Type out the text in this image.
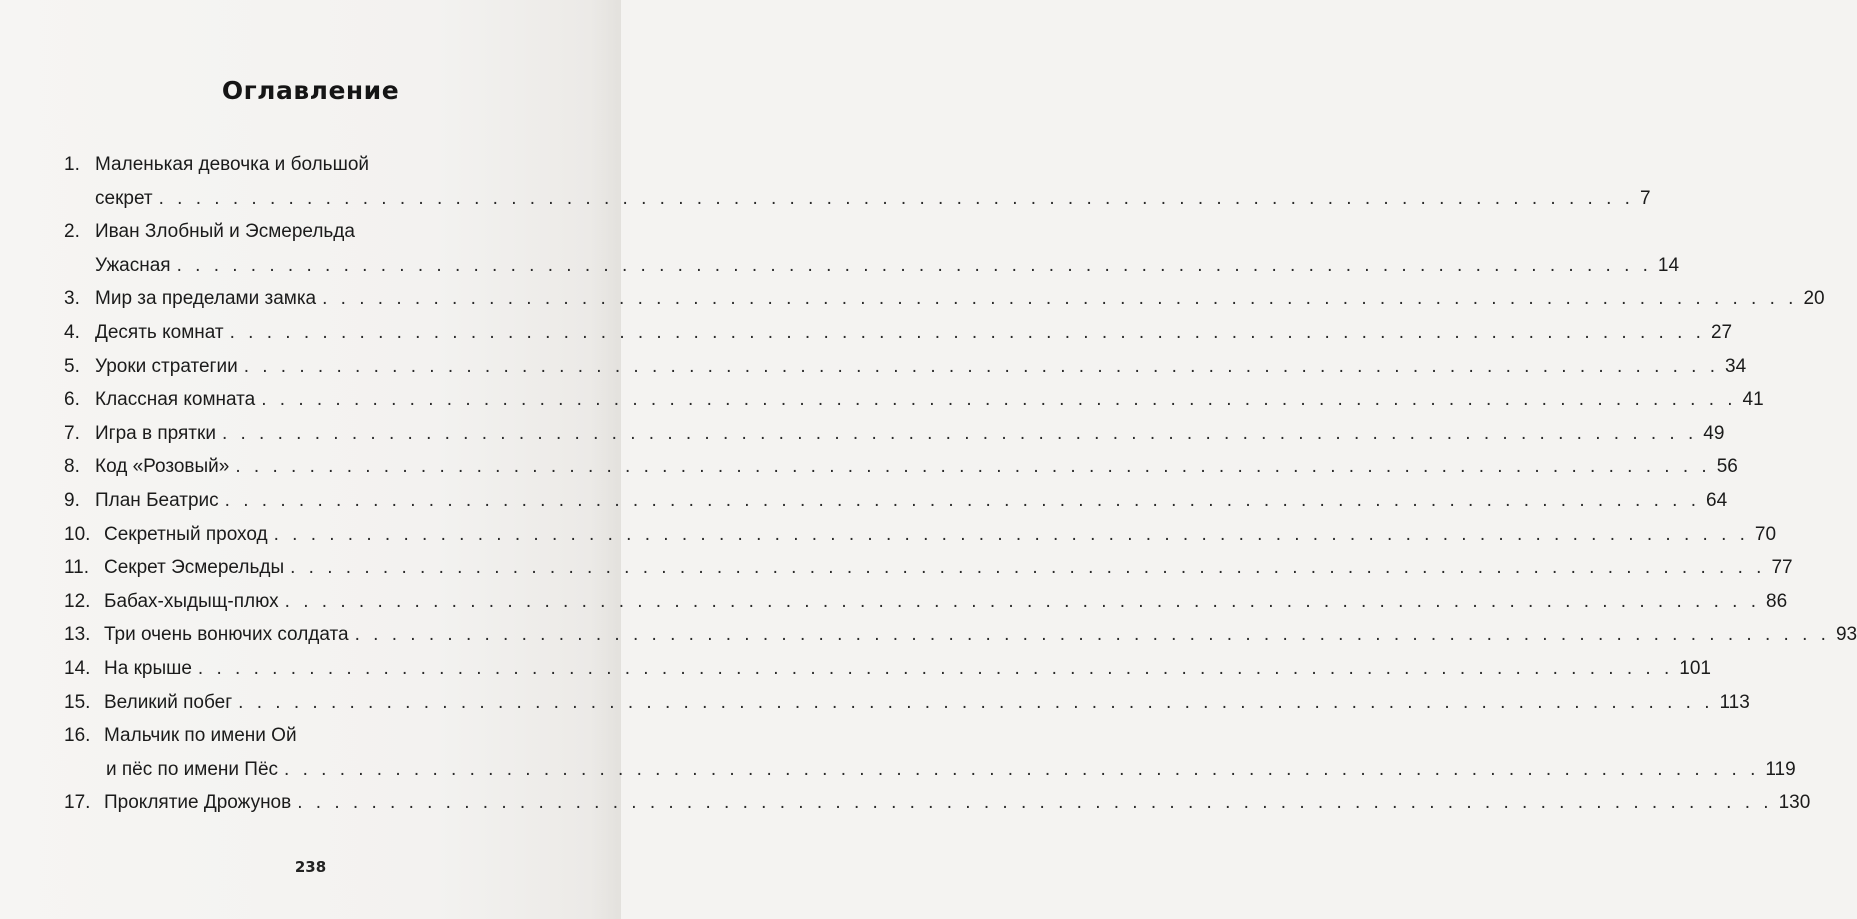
Оглавление
1. Маленькая девочка и большой
секрет . . . . . . . . . . . . . . . . . . . . . . . . . . . . . . . . . . . . . . . . . . . . . . . . . . . . . . . . . . . . . . . . . . . . . . . . . . . . . . . . 7
2. Иван Злобный и Эсмерельда
Ужасная . . . . . . . . . . . . . . . . . . . . . . . . . . . . . . . . . . . . . . . . . . . . . . . . . . . . . . . . . . . . . . . . . . . . . . . . . . . . . . . . 14
3. Мир за пределами замка . . . . . . . . . . . . . . . . . . . . . . . . . . . . . . . . . . . . . . . . . . . . . . . . . . . . . . . . . . . . . . . . . . . . . . . . . . . . . . . . 20
4. Десять комнат . . . . . . . . . . . . . . . . . . . . . . . . . . . . . . . . . . . . . . . . . . . . . . . . . . . . . . . . . . . . . . . . . . . . . . . . . . . . . . . . 27
5. Уроки стратегии . . . . . . . . . . . . . . . . . . . . . . . . . . . . . . . . . . . . . . . . . . . . . . . . . . . . . . . . . . . . . . . . . . . . . . . . . . . . . . . . 34
6. Классная комната . . . . . . . . . . . . . . . . . . . . . . . . . . . . . . . . . . . . . . . . . . . . . . . . . . . . . . . . . . . . . . . . . . . . . . . . . . . . . . . . 41
7. Игра в прятки . . . . . . . . . . . . . . . . . . . . . . . . . . . . . . . . . . . . . . . . . . . . . . . . . . . . . . . . . . . . . . . . . . . . . . . . . . . . . . . . 49
8. Код «Розовый» . . . . . . . . . . . . . . . . . . . . . . . . . . . . . . . . . . . . . . . . . . . . . . . . . . . . . . . . . . . . . . . . . . . . . . . . . . . . . . . . 56
9. План Беатрис . . . . . . . . . . . . . . . . . . . . . . . . . . . . . . . . . . . . . . . . . . . . . . . . . . . . . . . . . . . . . . . . . . . . . . . . . . . . . . . . 64
10. Секретный проход . . . . . . . . . . . . . . . . . . . . . . . . . . . . . . . . . . . . . . . . . . . . . . . . . . . . . . . . . . . . . . . . . . . . . . . . . . . . . . . . 70
11. Секрет Эсмерельды . . . . . . . . . . . . . . . . . . . . . . . . . . . . . . . . . . . . . . . . . . . . . . . . . . . . . . . . . . . . . . . . . . . . . . . . . . . . . . . . 77
12. Бабах-хыдыщ-плюх . . . . . . . . . . . . . . . . . . . . . . . . . . . . . . . . . . . . . . . . . . . . . . . . . . . . . . . . . . . . . . . . . . . . . . . . . . . . . . . . 86
13. Три очень вонючих солдата . . . . . . . . . . . . . . . . . . . . . . . . . . . . . . . . . . . . . . . . . . . . . . . . . . . . . . . . . . . . . . . . . . . . . . . . . . . . . . . . 93
14. На крыше . . . . . . . . . . . . . . . . . . . . . . . . . . . . . . . . . . . . . . . . . . . . . . . . . . . . . . . . . . . . . . . . . . . . . . . . . . . . . . . . 101
15. Великий побег . . . . . . . . . . . . . . . . . . . . . . . . . . . . . . . . . . . . . . . . . . . . . . . . . . . . . . . . . . . . . . . . . . . . . . . . . . . . . . . . 113
16. Мальчик по имени Ой
и пёс по имени Пёс . . . . . . . . . . . . . . . . . . . . . . . . . . . . . . . . . . . . . . . . . . . . . . . . . . . . . . . . . . . . . . . . . . . . . . . . . . . . . . . . 119
17. Проклятие Дрожунов . . . . . . . . . . . . . . . . . . . . . . . . . . . . . . . . . . . . . . . . . . . . . . . . . . . . . . . . . . . . . . . . . . . . . . . . . . . . . . . . 130
238
